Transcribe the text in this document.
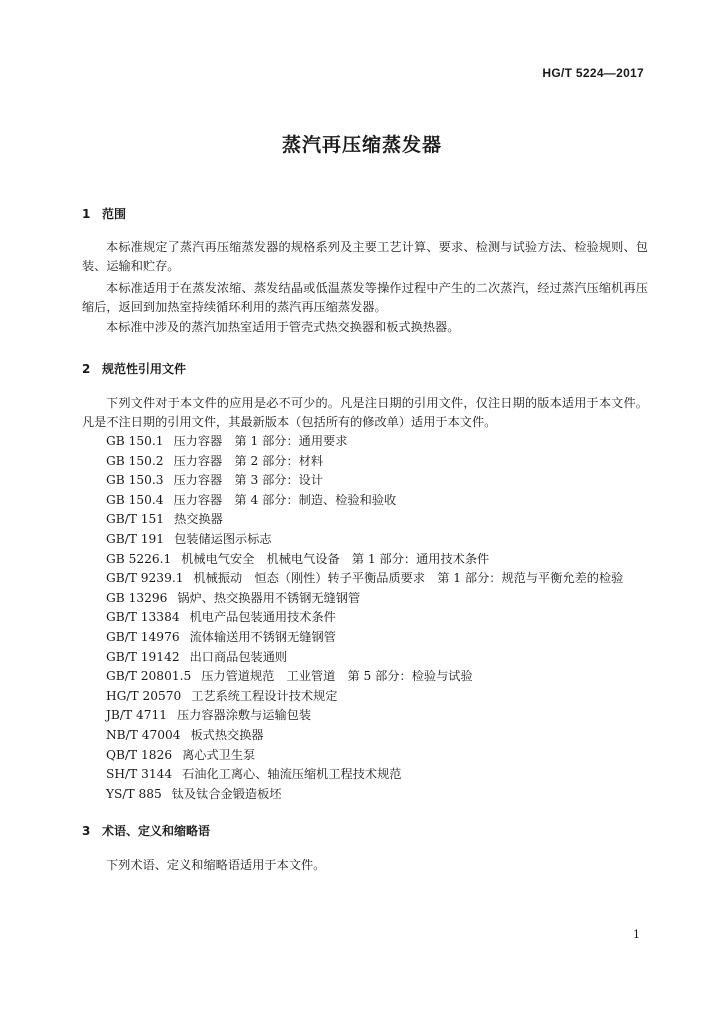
HG/T 5224—2017
蒸汽再压缩蒸发器
1 范围
本标准规定了蒸汽再压缩蒸发器的规格系列及主要工艺计算、要求、检测与试验方法、检验规则、包装、运输和贮存。
本标准适用于在蒸发浓缩、蒸发结晶或低温蒸发等操作过程中产生的二次蒸汽，经过蒸汽压缩机再压缩后，返回到加热室持续循环利用的蒸汽再压缩蒸发器。
本标准中涉及的蒸汽加热室适用于管壳式热交换器和板式换热器。
2 规范性引用文件
下列文件对于本文件的应用是必不可少的。凡是注日期的引用文件，仅注日期的版本适用于本文件。凡是不注日期的引用文件，其最新版本（包括所有的修改单）适用于本文件。
GB 150.1 压力容器　第 1 部分：通用要求
GB 150.2 压力容器　第 2 部分：材料
GB 150.3 压力容器　第 3 部分：设计
GB 150.4 压力容器　第 4 部分：制造、检验和验收
GB/T 151 热交换器
GB/T 191 包装储运图示标志
GB 5226.1 机械电气安全　机械电气设备　第 1 部分：通用技术条件
GB/T 9239.1 机械振动　恒态（刚性）转子平衡品质要求　第 1 部分：规范与平衡允差的检验
GB 13296 锅炉、热交换器用不锈钢无缝钢管
GB/T 13384 机电产品包装通用技术条件
GB/T 14976 流体输送用不锈钢无缝钢管
GB/T 19142 出口商品包装通则
GB/T 20801.5 压力管道规范　工业管道　第 5 部分：检验与试验
HG/T 20570 工艺系统工程设计技术规定
JB/T 4711 压力容器涂敷与运输包装
NB/T 47004 板式热交换器
QB/T 1826 离心式卫生泵
SH/T 3144 石油化工离心、轴流压缩机工程技术规范
YS/T 885 钛及钛合金锻造板坯
3 术语、定义和缩略语
下列术语、定义和缩略语适用于本文件。
1
